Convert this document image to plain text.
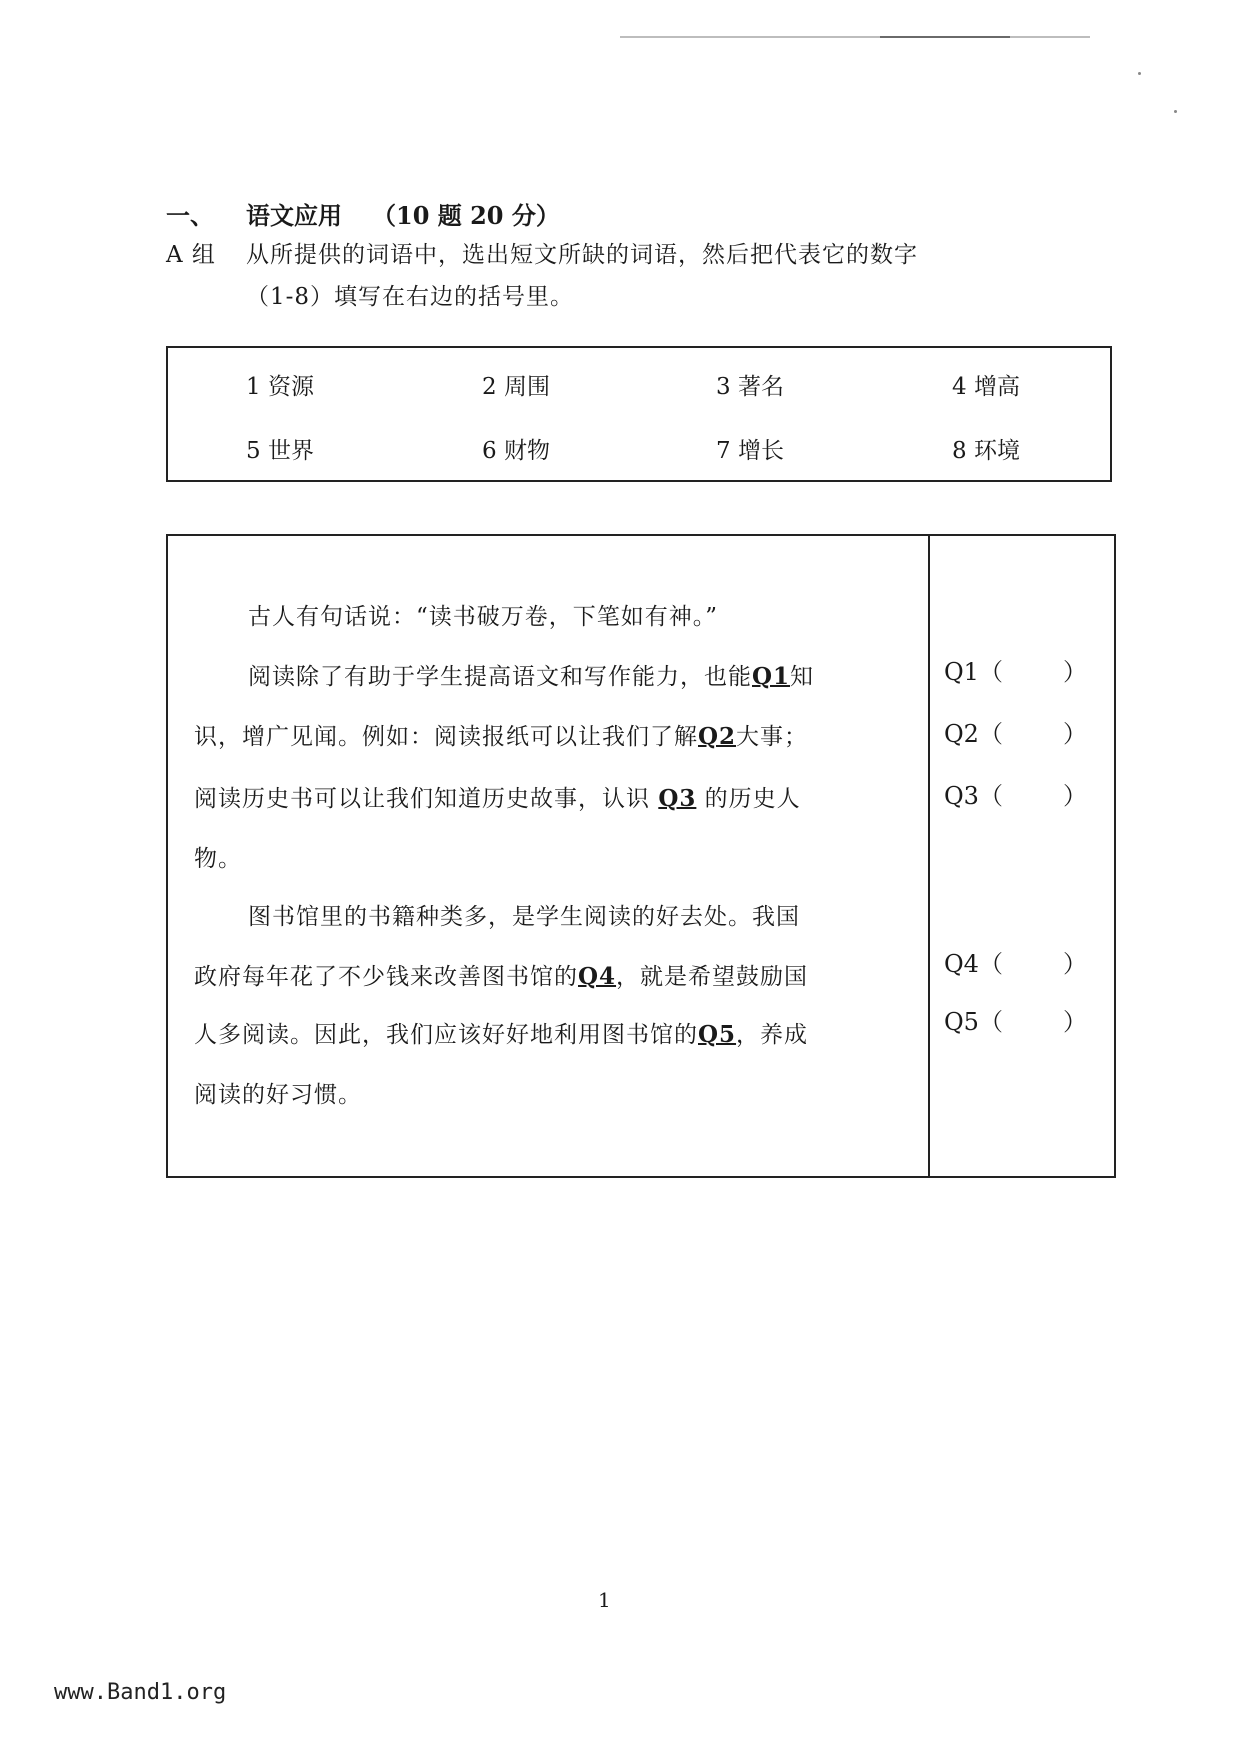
一、 语文应用 （10 题 20 分）
A 组 从所提供的词语中，选出短文所缺的词语，然后把代表它的数字
（1-8）填写在右边的括号里。
1 资源	2 周围	3 著名	4 增高
5 世界	6 财物	7 增长	8 环境
古人有句话说：“读书破万卷，下笔如有神。”
阅读除了有助于学生提高语文和写作能力，也能Q1知
识，增广见闻。例如：阅读报纸可以让我们了解Q2大事；
阅读历史书可以让我们知道历史故事，认识 Q3 的历史人
物。
图书馆里的书籍种类多，是学生阅读的好去处。我国
政府每年花了不少钱来改善图书馆的Q4，就是希望鼓励国
人多阅读。因此，我们应该好好地利用图书馆的Q5，养成
阅读的好习惯。
Q1（	）
Q2（	）
Q3（	）
Q4（	）
Q5（	）
1
www.Band1.org
